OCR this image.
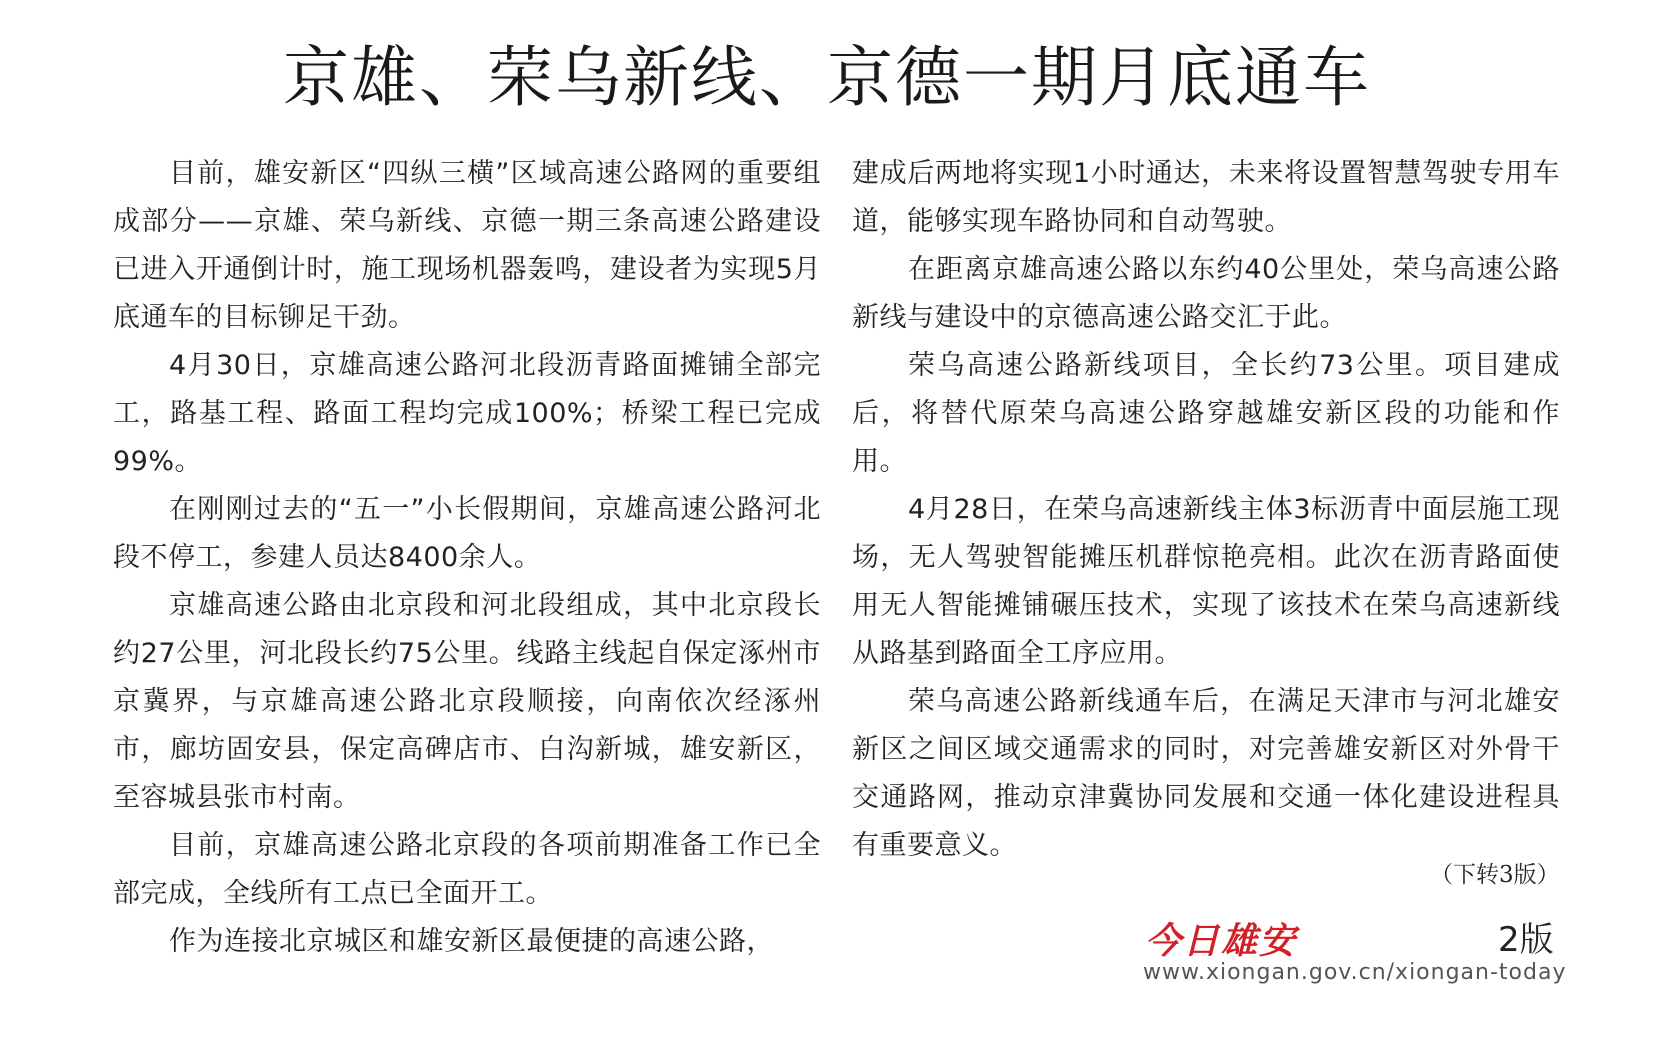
京雄、荣乌新线、京德一期月底通车

目前，雄安新区“四纵三横”区域高速公路网的重要组成部分——京雄、荣乌新线、京德一期三条高速公路建设已进入开通倒计时，施工现场机器轰鸣，建设者为实现5月底通车的目标铆足干劲。

4月30日，京雄高速公路河北段沥青路面摊铺全部完工，路基工程、路面工程均完成100%；桥梁工程已完成99%。

在刚刚过去的“五一”小长假期间，京雄高速公路河北段不停工，参建人员达8400余人。

京雄高速公路由北京段和河北段组成，其中北京段长约27公里，河北段长约75公里。线路主线起自保定涿州市京冀界，与京雄高速公路北京段顺接，向南依次经涿州市，廊坊固安县，保定高碑店市、白沟新城，雄安新区，至容城县张市村南。

目前，京雄高速公路北京段的各项前期准备工作已全部完成，全线所有工点已全面开工。

作为连接北京城区和雄安新区最便捷的高速公路，

建成后两地将实现1小时通达，未来将设置智慧驾驶专用车道，能够实现车路协同和自动驾驶。

在距离京雄高速公路以东约40公里处，荣乌高速公路新线与建设中的京德高速公路交汇于此。

荣乌高速公路新线项目，全长约73公里。项目建成后，将替代原荣乌高速公路穿越雄安新区段的功能和作用。

4月28日，在荣乌高速新线主体3标沥青中面层施工现场，无人驾驶智能摊压机群惊艳亮相。此次在沥青路面使用无人智能摊铺碾压技术，实现了该技术在荣乌高速新线从路基到路面全工序应用。

荣乌高速公路新线通车后，在满足天津市与河北雄安新区之间区域交通需求的同时，对完善雄安新区对外骨干交通路网，推动京津冀协同发展和交通一体化建设进程具有重要意义。

（下转3版）
今日雄安	2版
www.xiongan.gov.cn/xiongan-today
